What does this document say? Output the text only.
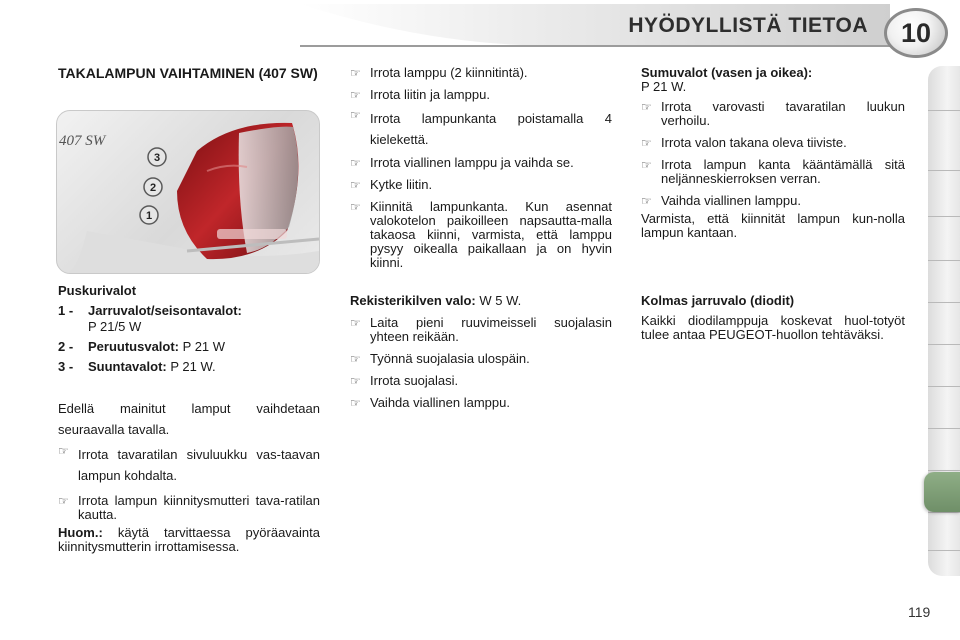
HYÖDYLLISTÄ TIETOA	10
TAKALAMPUN VAIHTAMINEN (407 SW)
407 SW
3
2
1

Puskurivalot

1 -	Jarruvalot/seisontavalot:
P 21/5 W
2 -	Peruutusvalot: P 21 W
3 -	Suuntavalot: P 21 W.

Edellä mainitut lamput vaihdetaan seuraavalla tavalla.

☞ Irrota tavaratilan sivuluukku vas-taavan lampun kohdalta.
☞ Irrota lampun kiinnitysmutteri tava-ratilan kautta.

Huom.: käytä tarvittaessa pyöräavainta kiinnitysmutterin irrottamisessa.

☞ Irrota lamppu (2 kiinnitintä).
☞ Irrota liitin ja lamppu.
☞ Irrota lampunkanta poistamalla 4 kielekettä.
☞ Irrota viallinen lamppu ja vaihda se.
☞ Kytke liitin.
☞ Kiinnitä lampunkanta. Kun asennat valokotelon paikoilleen napsautta-malla takaosa kiinni, varmista, että lamppu pysyy oikealla paikallaan ja on hyvin kiinni.

Rekisterikilven valo: W 5 W.

☞ Laita pieni ruuvimeisseli suojalasin yhteen reikään.
☞ Työnnä suojalasia ulospäin.
☞ Irrota suojalasi.
☞ Vaihda viallinen lamppu.

Sumuvalot (vasen ja oikea):

P 21 W.

☞ Irrota varovasti tavaratilan luukun verhoilu.
☞ Irrota valon takana oleva tiiviste.
☞ Irrota lampun kanta kääntämällä sitä neljänneskierroksen verran.
☞ Vaihda viallinen lamppu.

Varmista, että kiinnität lampun kun-nolla lampun kantaan.

Kolmas jarruvalo (diodit)

Kaikki diodilamppuja koskevat huol-totyöt tulee antaa PEUGEOT-huollon tehtäväksi.

119
